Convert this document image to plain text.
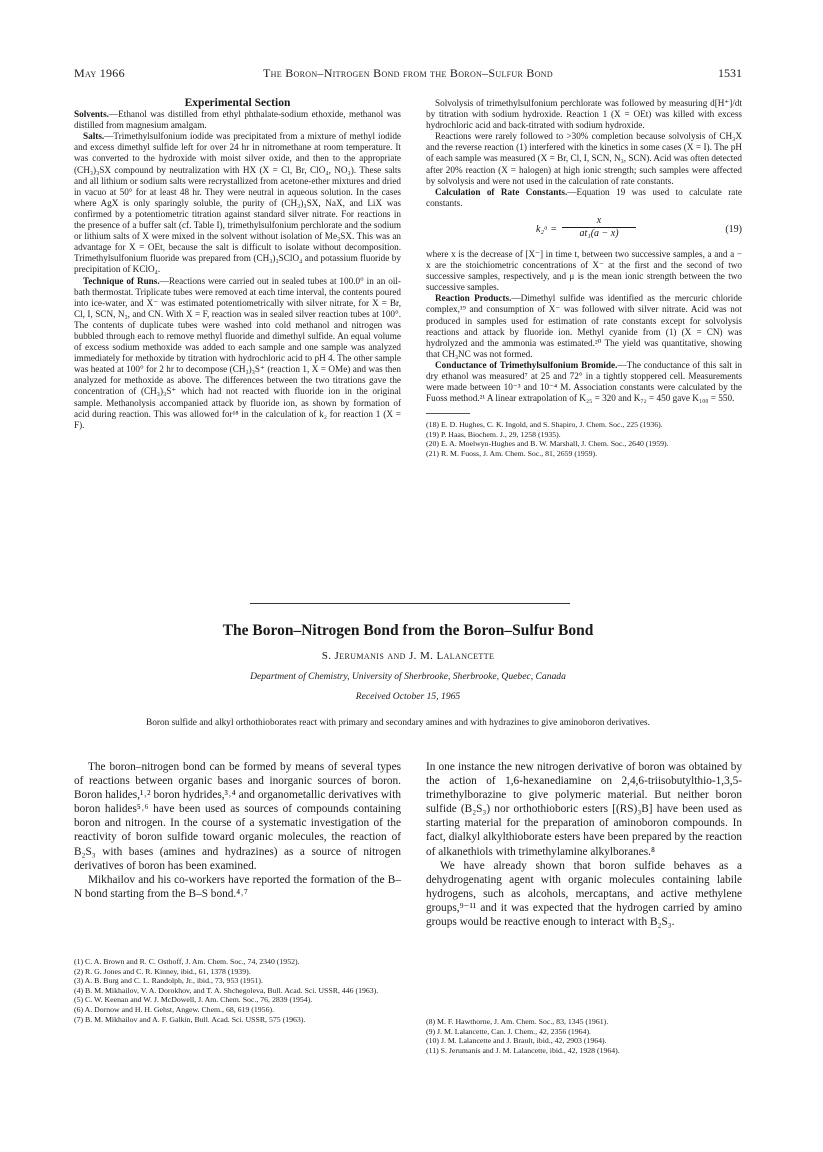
May 1966	The Boron–Nitrogen Bond from the Boron–Sulfur Bond	1531

Experimental Section

Solvents.—Ethanol was distilled from ethyl phthalate-sodium ethoxide, methanol was distilled from magnesium amalgam.

Salts.—Trimethylsulfonium iodide was precipitated from a mixture of methyl iodide and excess dimethyl sulfide left for over 24 hr in nitromethane at room temperature. It was converted to the hydroxide with moist silver oxide, and then to the appropriate (CH₃)₃SX compound by neutralization with HX (X = Cl, Br, ClO₄, NO₃). These salts and all lithium or sodium salts were recrystallized from acetone-ether mixtures and dried in vacuo at 50° for at least 48 hr. They were neutral in aqueous solution. In the cases where AgX is only sparingly soluble, the purity of (CH₃)₃SX, NaX, and LiX was confirmed by a potentiometric titration against standard silver nitrate. For reactions in the presence of a buffer salt (cf. Table I), trimethylsulfonium perchlorate and the sodium or lithium salts of X were mixed in the solvent without isolation of Me₃SX. This was an advantage for X = OEt, because the salt is difficult to isolate without decomposition. Trimethylsulfonium fluoride was prepared from (CH₃)₃SClO₄ and potassium fluoride by precipitation of KClO₄.

Technique of Runs.—Reactions were carried out in sealed tubes at 100.0° in an oil-bath thermostat. Triplicate tubes were removed at each time interval, the contents poured into ice-water, and X⁻ was estimated potentiometrically with silver nitrate, for X = Br, Cl, I, SCN, N₃, and CN. With X = F, reaction was in sealed silver reaction tubes at 100°. The contents of duplicate tubes were washed into cold methanol and nitrogen was bubbled through each to remove methyl fluoride and dimethyl sulfide. An equal volume of excess sodium methoxide was added to each sample and one sample was analyzed immediately for methoxide by titration with hydrochloric acid to pH 4. The other sample was heated at 100° for 2 hr to decompose (CH₃)₃S⁺ (reaction 1, X = OMe) and was then analyzed for methoxide as above. The differences between the two titrations gave the concentration of (CH₃)₃S⁺ which had not reacted with fluoride ion in the original sample. Methanolysis accompanied attack by fluoride ion, as shown by formation of acid during reaction. This was allowed for¹⁸ in the calculation of k₂ for reaction 1 (X = F).

Solvolysis of trimethylsulfonium perchlorate was followed by measuring d[H⁺]/dt by titration with sodium hydroxide. Reaction 1 (X = OEt) was killed with excess hydrochloric acid and back-titrated with sodium hydroxide.

Reactions were rarely followed to >30% completion because solvolysis of CH₃X and the reverse reaction (1) interfered with the kinetics in some cases (X = I). The pH of each sample was measured (X = Br, Cl, I, SCN, N₃, SCN). Acid was often detected after 20% reaction (X = halogen) at high ionic strength; such samples were affected by solvolysis and were not used in the calculation of rate constants.

Calculation of Rate Constants.—Equation 19 was used to calculate rate constants.

k₂ᵅ = $\frac{x}{\text{at₁(a − x)}}$	(19)

where x is the decrease of [X⁻] in time t, between two successive samples, a and a − x are the stoichiometric concentrations of X⁻ at the first and the second of two successive samples, respectively, and μ is the mean ionic strength between the two successive samples.

Reaction Products.—Dimethyl sulfide was identified as the mercuric chloride complex,¹⁹ and consumption of X⁻ was followed with silver nitrate. Acid was not produced in samples used for estimation of rate constants except for solvolysis reactions and attack by fluoride ion. Methyl cyanide from (1) (X = CN) was hydrolyzed and the ammonia was estimated.²⁰ The yield was quantitative, showing that CH₃NC was not formed.

Conductance of Trimethylsulfonium Bromide.—The conductance of this salt in dry ethanol was measured⁷ at 25 and 72° in a tightly stoppered cell. Measurements were made between 10⁻³ and 10⁻⁴ M. Association constants were calculated by the Fuoss method.²¹ A linear extrapolation of K₂₅ = 320 and K₇₂ = 450 gave K₁₀₀ = 550.

(18) E. D. Hughes, C. K. Ingold, and S. Shapiro, J. Chem. Soc., 225 (1936).
(19) P. Haas, Biochem. J., 29, 1258 (1935).
(20) E. A. Moelwyn-Hughes and B. W. Marshall, J. Chem. Soc., 2640 (1959).
(21) R. M. Fuoss, J. Am. Chem. Soc., 81, 2659 (1959).
The Boron–Nitrogen Bond from the Boron–Sulfur Bond
S. Jerumanis and J. M. Lalancette
Department of Chemistry, University of Sherbrooke, Sherbrooke, Quebec, Canada
Received October 15, 1965
Boron sulfide and alkyl orthothioborates react with primary and secondary amines and with hydrazines to give aminoboron derivatives.

The boron–nitrogen bond can be formed by means of several types of reactions between organic bases and inorganic sources of boron. Boron halides,¹˒² boron hydrides,³˒⁴ and organometallic derivatives with boron halides⁵˒⁶ have been used as sources of compounds containing boron and nitrogen. In the course of a systematic investigation of the reactivity of boron sulfide toward organic molecules, the reaction of B₂S₃ with bases (amines and hydrazines) as a source of nitrogen derivatives of boron has been examined.

Mikhailov and his co-workers have reported the formation of the B–N bond starting from the B–S bond.⁴˒⁷

In one instance the new nitrogen derivative of boron was obtained by the action of 1,6-hexanediamine on 2,4,6-triisobutylthio-1,3,5-trimethylborazine to give polymeric material. But neither boron sulfide (B₂S₃) nor orthothioboric esters [(RS)₃B] have been used as starting material for the preparation of aminoboron compounds. In fact, dialkyl alkylthioborate esters have been prepared by the reaction of alkanethiols with trimethylamine alkylboranes.⁸

We have already shown that boron sulfide behaves as a dehydrogenating agent with organic molecules containing labile hydrogens, such as alcohols, mercaptans, and active methylene groups,⁹⁻¹¹ and it was expected that the hydrogen carried by amino groups would be reactive enough to interact with B₂S₃.

(1) C. A. Brown and R. C. Osthoff, J. Am. Chem. Soc., 74, 2340 (1952).
(2) R. G. Jones and C. R. Kinney, ibid., 61, 1378 (1939).
(3) A. B. Burg and C. L. Randolph, Jr., ibid., 73, 953 (1951).
(4) B. M. Mikhailov, V. A. Dorokhov, and T. A. Shchegoleva, Bull. Acad. Sci. USSR, 446 (1963).
(5) C. W. Keenan and W. J. McDowell, J. Am. Chem. Soc., 76, 2839 (1954).
(6) A. Dornow and H. H. Gehst, Angew. Chem., 68, 619 (1956).
(7) B. M. Mikhailov and A. F. Galkin, Bull. Acad. Sci. USSR, 575 (1963).	(8) M. F. Hawthorne, J. Am. Chem. Soc., 83, 1345 (1961).
(9) J. M. Lalancette, Can. J. Chem., 42, 2356 (1964).
(10) J. M. Lalancette and J. Brault, ibid., 42, 2903 (1964).
(11) S. Jerumanis and J. M. Lalancette, ibid., 42, 1928 (1964).
